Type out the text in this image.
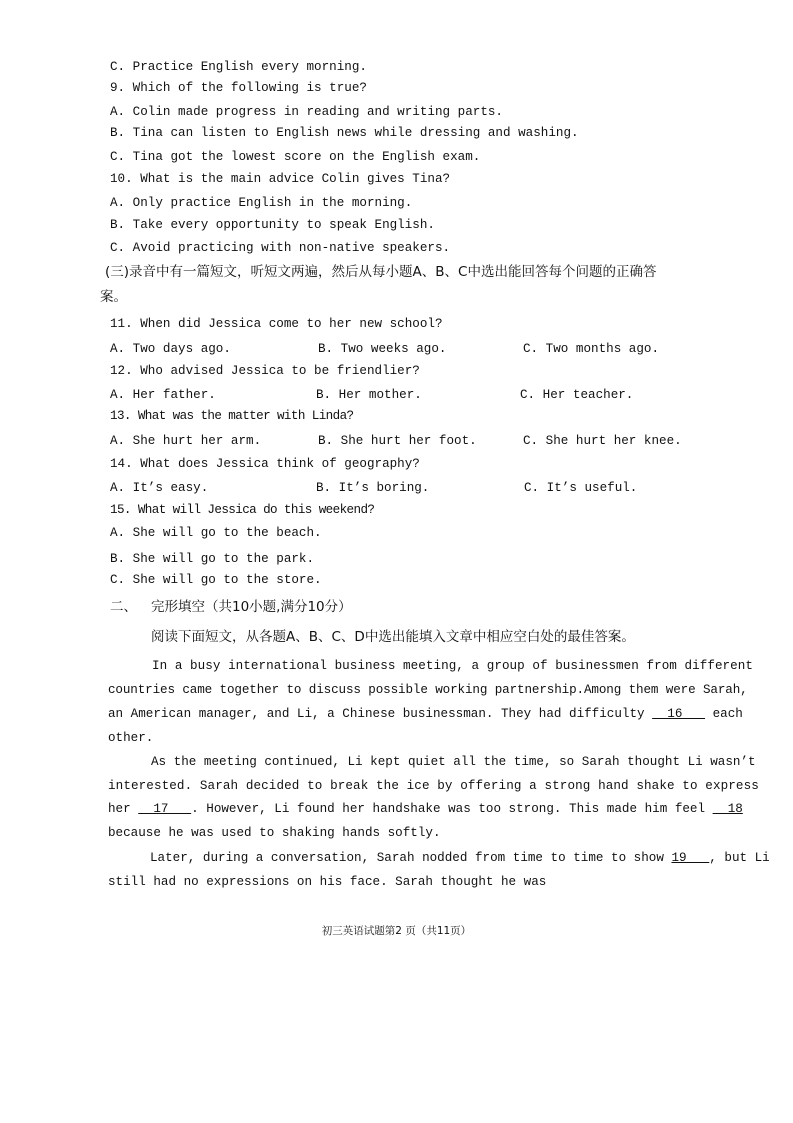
C. Practice English every morning.
9. Which of the following is true?
A. Colin made progress in reading and writing parts.
B. Tina can listen to English news while dressing and washing.
C. Tina got the lowest score on the English exam.
10. What is the main advice Colin gives Tina?
A. Only practice English in the morning.
B. Take every opportunity to speak English.
C. Avoid practicing with non-native speakers.
(三)录音中有一篇短文，听短文两遍，然后从每小题A、B、C中选出能回答每个问题的正确答
案。
11. When did Jessica come to her new school?
A. Two days ago.	B. Two weeks ago.	C. Two months ago.
12. Who advised Jessica to be friendlier?
A. Her father.	B. Her mother.	C. Her teacher.
13. What was the matter with Linda?
A. She hurt her arm.	B. She hurt her foot.	C. She hurt her knee.
14. What does Jessica think of geography?
A. It’s easy.	B. It’s boring.	C. It’s useful.
15. What will Jessica do this weekend?
A. She will go to the beach.
B. She will go to the park.
C. She will go to the store.
二、 完形填空（共10小题,满分10分）
阅读下面短文，从各题A、B、C、D中选出能填入文章中相应空白处的最佳答案。
In a busy international business meeting, a group of businessmen from different
countries came together to discuss possible working partnership.Among them were Sarah,
an American manager, and Li, a Chinese businessman. They had difficulty   16    each
other.
As the meeting continued, Li kept quiet all the time, so Sarah thought Li wasn’t
interested. Sarah decided to break the ice by offering a strong hand shake to express
her   17   . However, Li found her handshake was too strong. This made him feel   18
because he was used to shaking hands softly.
Later, during a conversation, Sarah nodded from time to time to show 19   , but Li
still had no expressions on his face. Sarah thought he was
初三英语试题第2 页（共11页）
